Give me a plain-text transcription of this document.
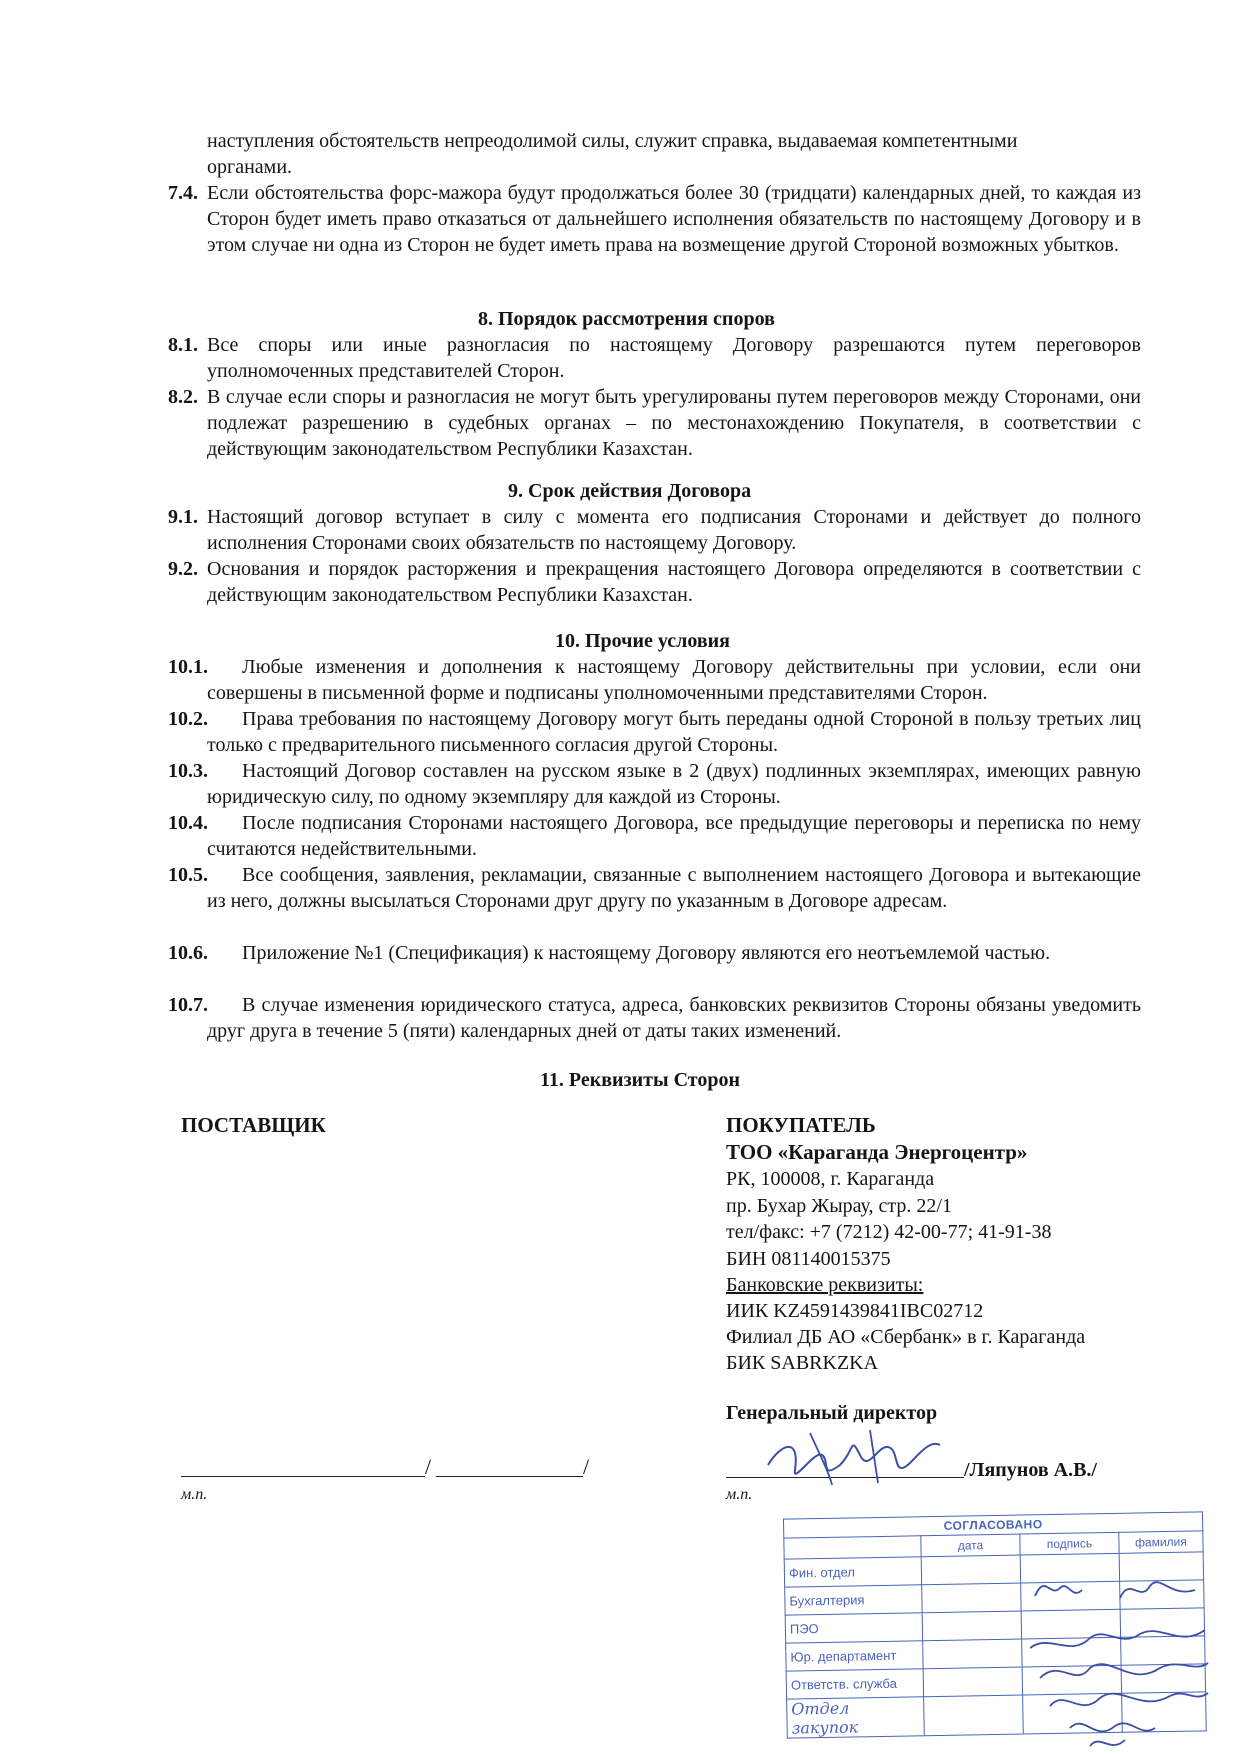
наступления обстоятельств непреодолимой силы, служит справка, выдаваемая компетентными
органами.
7.4. Если обстоятельства форс-мажора будут продолжаться более 30 (тридцати) календарных дней, то каждая из Сторон будет иметь право отказаться от дальнейшего исполнения обязательств по настоящему Договору и в этом случае ни одна из Сторон не будет иметь права на возмещение другой Стороной возможных убытков.
8. Порядок рассмотрения споров
8.1. Все споры или иные разногласия по настоящему Договору разрешаются путем переговоров уполномоченных представителей Сторон.
8.2. В случае если споры и разногласия не могут быть урегулированы путем переговоров между Сторонами, они подлежат разрешению в судебных органах – по местонахождению Покупателя, в соответствии с действующим законодательством Республики Казахстан.
9. Срок действия Договора
9.1. Настоящий договор вступает в силу с момента его подписания Сторонами и действует до полного исполнения Сторонами своих обязательств по настоящему Договору.
9.2. Основания и порядок расторжения и прекращения настоящего Договора определяются в соответствии с действующим законодательством Республики Казахстан.
10. Прочие условия
10.1.	Любые изменения и дополнения к настоящему Договору действительны при условии, если они совершены в письменной форме и подписаны уполномоченными представителями Сторон.
10.2.	Права требования по настоящему Договору могут быть переданы одной Стороной в пользу третьих лиц только с предварительного письменного согласия другой Стороны.
10.3.	Настоящий Договор составлен на русском языке в 2 (двух) подлинных экземплярах, имеющих равную юридическую силу, по одному экземпляру для каждой из Стороны.
10.4.	После подписания Сторонами настоящего Договора, все предыдущие переговоры и переписка по нему считаются недействительными.
10.5.	Все сообщения, заявления, рекламации, связанные с выполнением настоящего Договора и вытекающие из него, должны высылаться Сторонами друг другу по указанным в Договоре адресам.
10.6.	Приложение №1 (Спецификация) к настоящему Договору являются его неотъемлемой частью.
10.7.	В случае изменения юридического статуса, адреса, банковских реквизитов Стороны обязаны уведомить друг друга в течение 5 (пяти) календарных дней от даты таких изменений.
11. Реквизиты Сторон
ПОСТАВЩИК
/	/
м.п.
ПОКУПАТЕЛЬ
ТОО «Караганда Энергоцентр»
РК, 100008, г. Караганда
пр. Бухар Жырау, стр. 22/1
тел/факс: +7 (7212) 42-00-77; 41-91-38
БИН 081140015375
Банковские реквизиты:
ИИК KZ4591439841IBC02712
Филиал ДБ АО «Сбербанк» в г. Караганда
БИК SABRKZKA
Генеральный директор
/Ляпунов А.В./
м.п.
СОГЛАСОВАНО			
	дата	подпись	фамилия
Фин. отдел			
Бухгалтерия			
ПЭО			
Юр. департамент			
Ответств. служба			
Отдел закупок			
